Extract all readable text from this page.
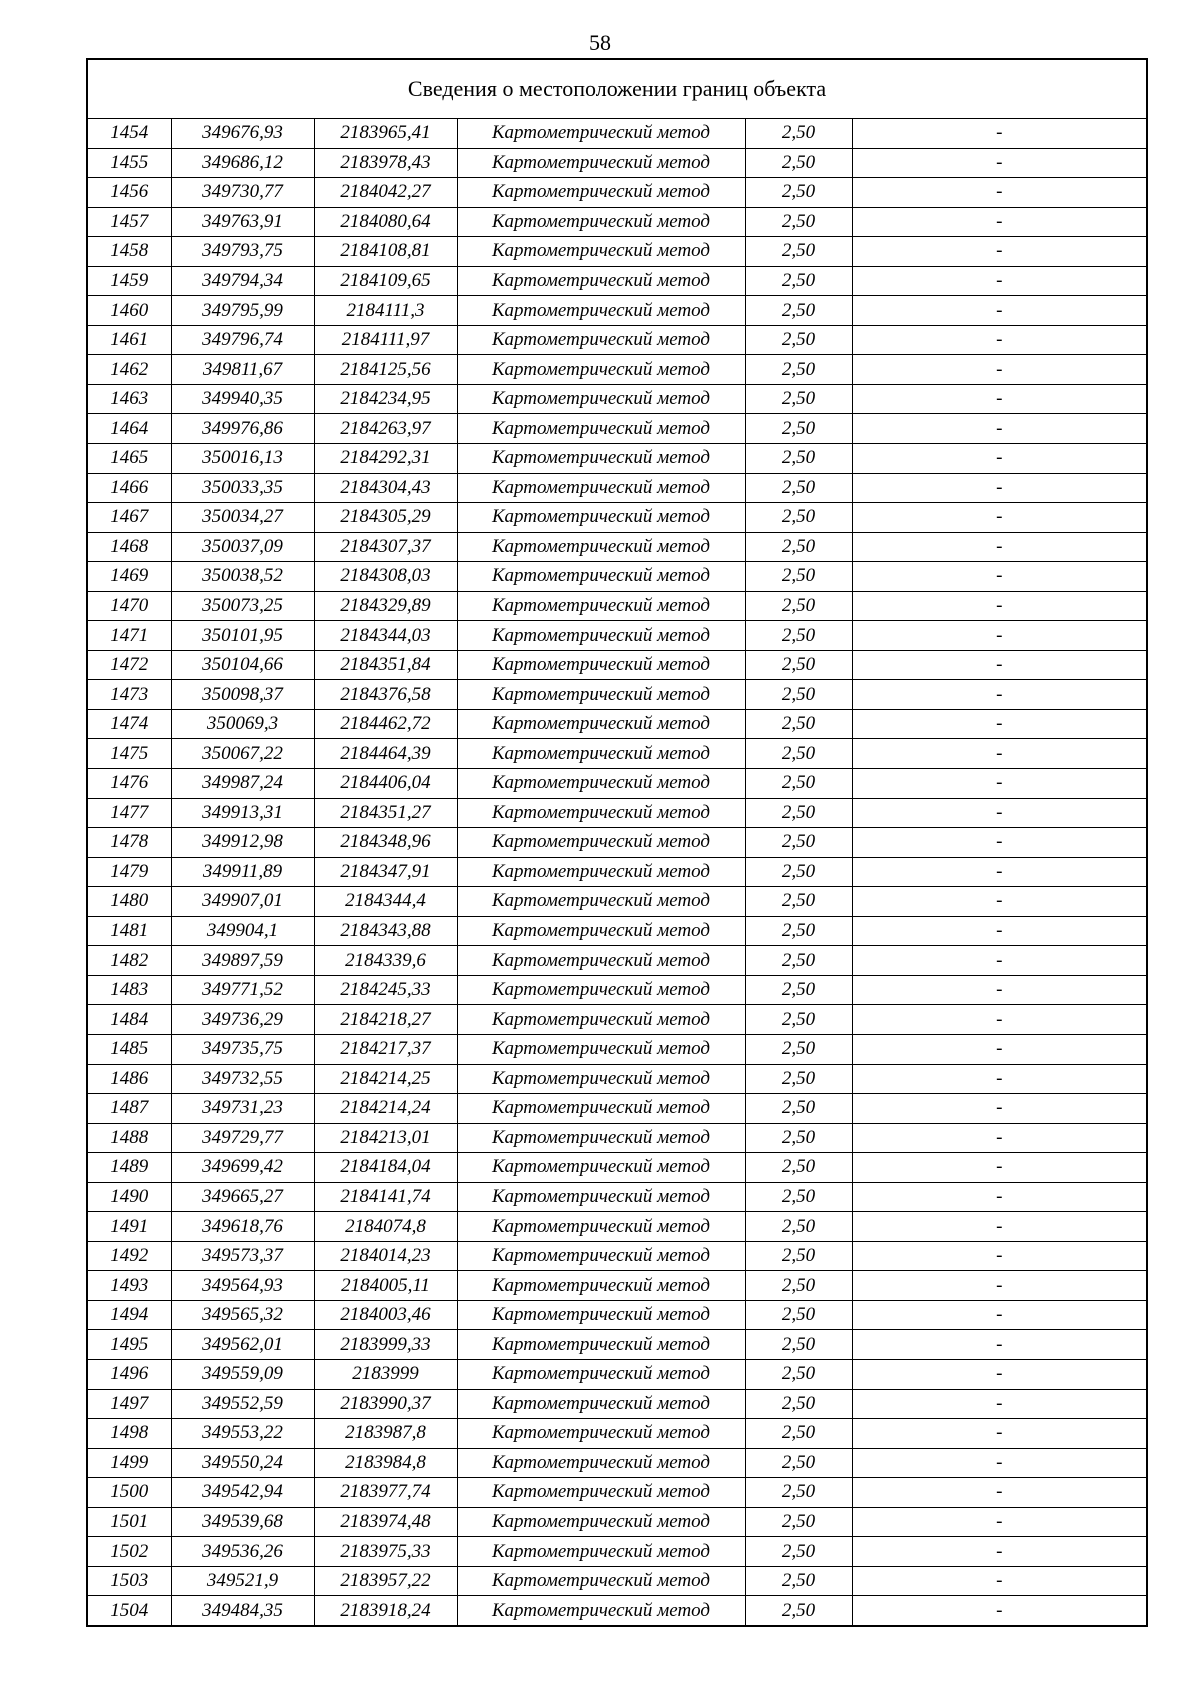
58
Сведения о местоположении границ объекта					
1454	349676,93	2183965,41	Картометрический метод	2,50	-
1455	349686,12	2183978,43	Картометрический метод	2,50	-
1456	349730,77	2184042,27	Картометрический метод	2,50	-
1457	349763,91	2184080,64	Картометрический метод	2,50	-
1458	349793,75	2184108,81	Картометрический метод	2,50	-
1459	349794,34	2184109,65	Картометрический метод	2,50	-
1460	349795,99	2184111,3	Картометрический метод	2,50	-
1461	349796,74	2184111,97	Картометрический метод	2,50	-
1462	349811,67	2184125,56	Картометрический метод	2,50	-
1463	349940,35	2184234,95	Картометрический метод	2,50	-
1464	349976,86	2184263,97	Картометрический метод	2,50	-
1465	350016,13	2184292,31	Картометрический метод	2,50	-
1466	350033,35	2184304,43	Картометрический метод	2,50	-
1467	350034,27	2184305,29	Картометрический метод	2,50	-
1468	350037,09	2184307,37	Картометрический метод	2,50	-
1469	350038,52	2184308,03	Картометрический метод	2,50	-
1470	350073,25	2184329,89	Картометрический метод	2,50	-
1471	350101,95	2184344,03	Картометрический метод	2,50	-
1472	350104,66	2184351,84	Картометрический метод	2,50	-
1473	350098,37	2184376,58	Картометрический метод	2,50	-
1474	350069,3	2184462,72	Картометрический метод	2,50	-
1475	350067,22	2184464,39	Картометрический метод	2,50	-
1476	349987,24	2184406,04	Картометрический метод	2,50	-
1477	349913,31	2184351,27	Картометрический метод	2,50	-
1478	349912,98	2184348,96	Картометрический метод	2,50	-
1479	349911,89	2184347,91	Картометрический метод	2,50	-
1480	349907,01	2184344,4	Картометрический метод	2,50	-
1481	349904,1	2184343,88	Картометрический метод	2,50	-
1482	349897,59	2184339,6	Картометрический метод	2,50	-
1483	349771,52	2184245,33	Картометрический метод	2,50	-
1484	349736,29	2184218,27	Картометрический метод	2,50	-
1485	349735,75	2184217,37	Картометрический метод	2,50	-
1486	349732,55	2184214,25	Картометрический метод	2,50	-
1487	349731,23	2184214,24	Картометрический метод	2,50	-
1488	349729,77	2184213,01	Картометрический метод	2,50	-
1489	349699,42	2184184,04	Картометрический метод	2,50	-
1490	349665,27	2184141,74	Картометрический метод	2,50	-
1491	349618,76	2184074,8	Картометрический метод	2,50	-
1492	349573,37	2184014,23	Картометрический метод	2,50	-
1493	349564,93	2184005,11	Картометрический метод	2,50	-
1494	349565,32	2184003,46	Картометрический метод	2,50	-
1495	349562,01	2183999,33	Картометрический метод	2,50	-
1496	349559,09	2183999	Картометрический метод	2,50	-
1497	349552,59	2183990,37	Картометрический метод	2,50	-
1498	349553,22	2183987,8	Картометрический метод	2,50	-
1499	349550,24	2183984,8	Картометрический метод	2,50	-
1500	349542,94	2183977,74	Картометрический метод	2,50	-
1501	349539,68	2183974,48	Картометрический метод	2,50	-
1502	349536,26	2183975,33	Картометрический метод	2,50	-
1503	349521,9	2183957,22	Картометрический метод	2,50	-
1504	349484,35	2183918,24	Картометрический метод	2,50	-
